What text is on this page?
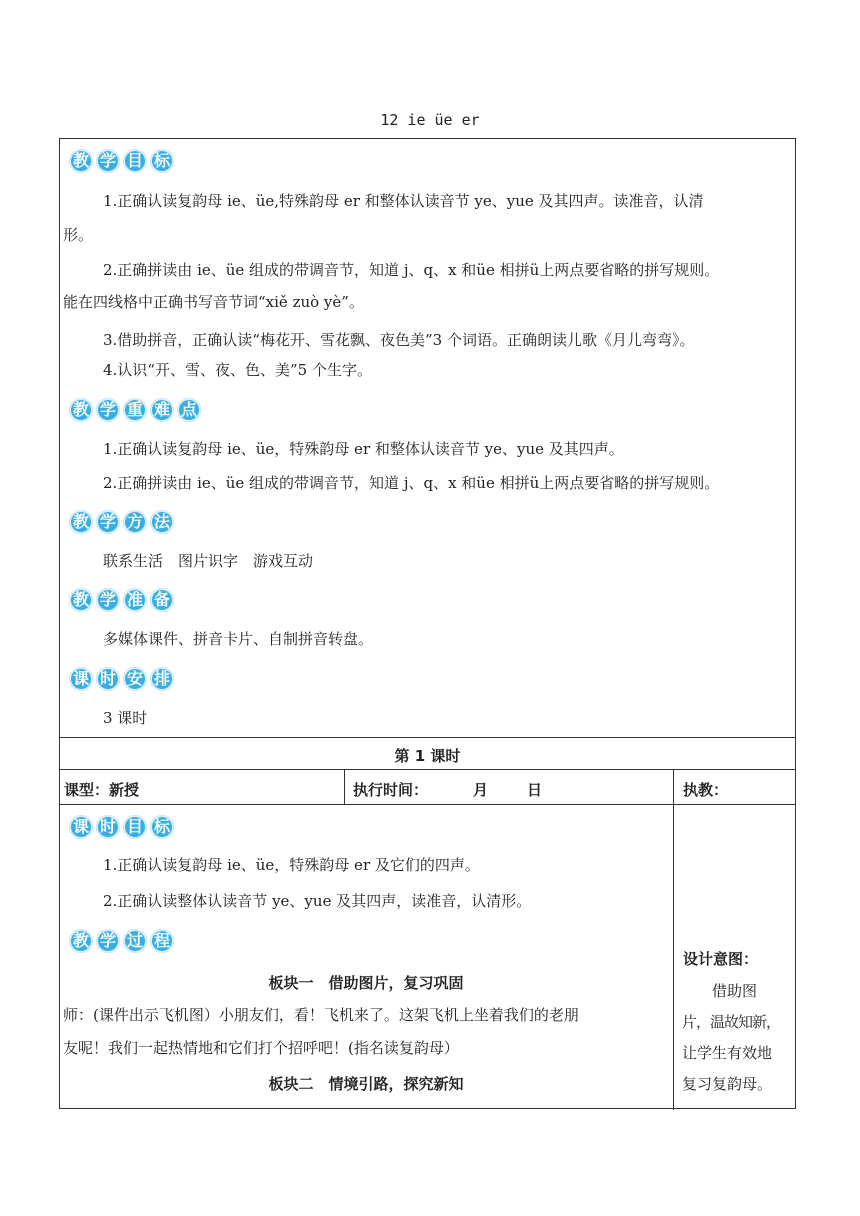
12 ie üe er
教 学 目 标
1.正确认读复韵母 ie、üe,特殊韵母 er 和整体认读音节 ye、yue 及其四声。读准音，认清
形。
2.正确拼读由 ie、üe 组成的带调音节，知道 j、q、x 和üe 相拼ü上两点要省略的拼写规则。
能在四线格中正确书写音节词“xiě zuò yè”。
3.借助拼音，正确认读“梅花开、雪花飘、夜色美”3 个词语。正确朗读儿歌《月儿弯弯》。
4.认识“开、雪、夜、色、美”5 个生字。
教 学 重 难 点
1.正确认读复韵母 ie、üe，特殊韵母 er 和整体认读音节 ye、yue 及其四声。
2.正确拼读由 ie、üe 组成的带调音节，知道 j、q、x 和üe 相拼ü上两点要省略的拼写规则。
教 学 方 法
联系生活　图片识字　游戏互动
教 学 准 备
多媒体课件、拼音卡片、自制拼音转盘。
课 时 安 排
3 课时
第 1 课时
课型：新授	执行时间：	月	日	执教：
课 时 目 标
1.正确认读复韵母 ie、üe，特殊韵母 er 及它们的四声。
2.正确认读整体认读音节 ye、yue 及其四声，读准音，认清形。
教 学 过 程
板块一　借助图片，复习巩固
师：(课件出示飞机图）小朋友们，看！飞机来了。这架飞机上坐着我们的老朋
友呢！我们一起热情地和它们打个招呼吧！(指名读复韵母）
板块二　情境引路，探究新知
设计意图：
借助图
片，温故知新，
让学生有效地
复习复韵母。
